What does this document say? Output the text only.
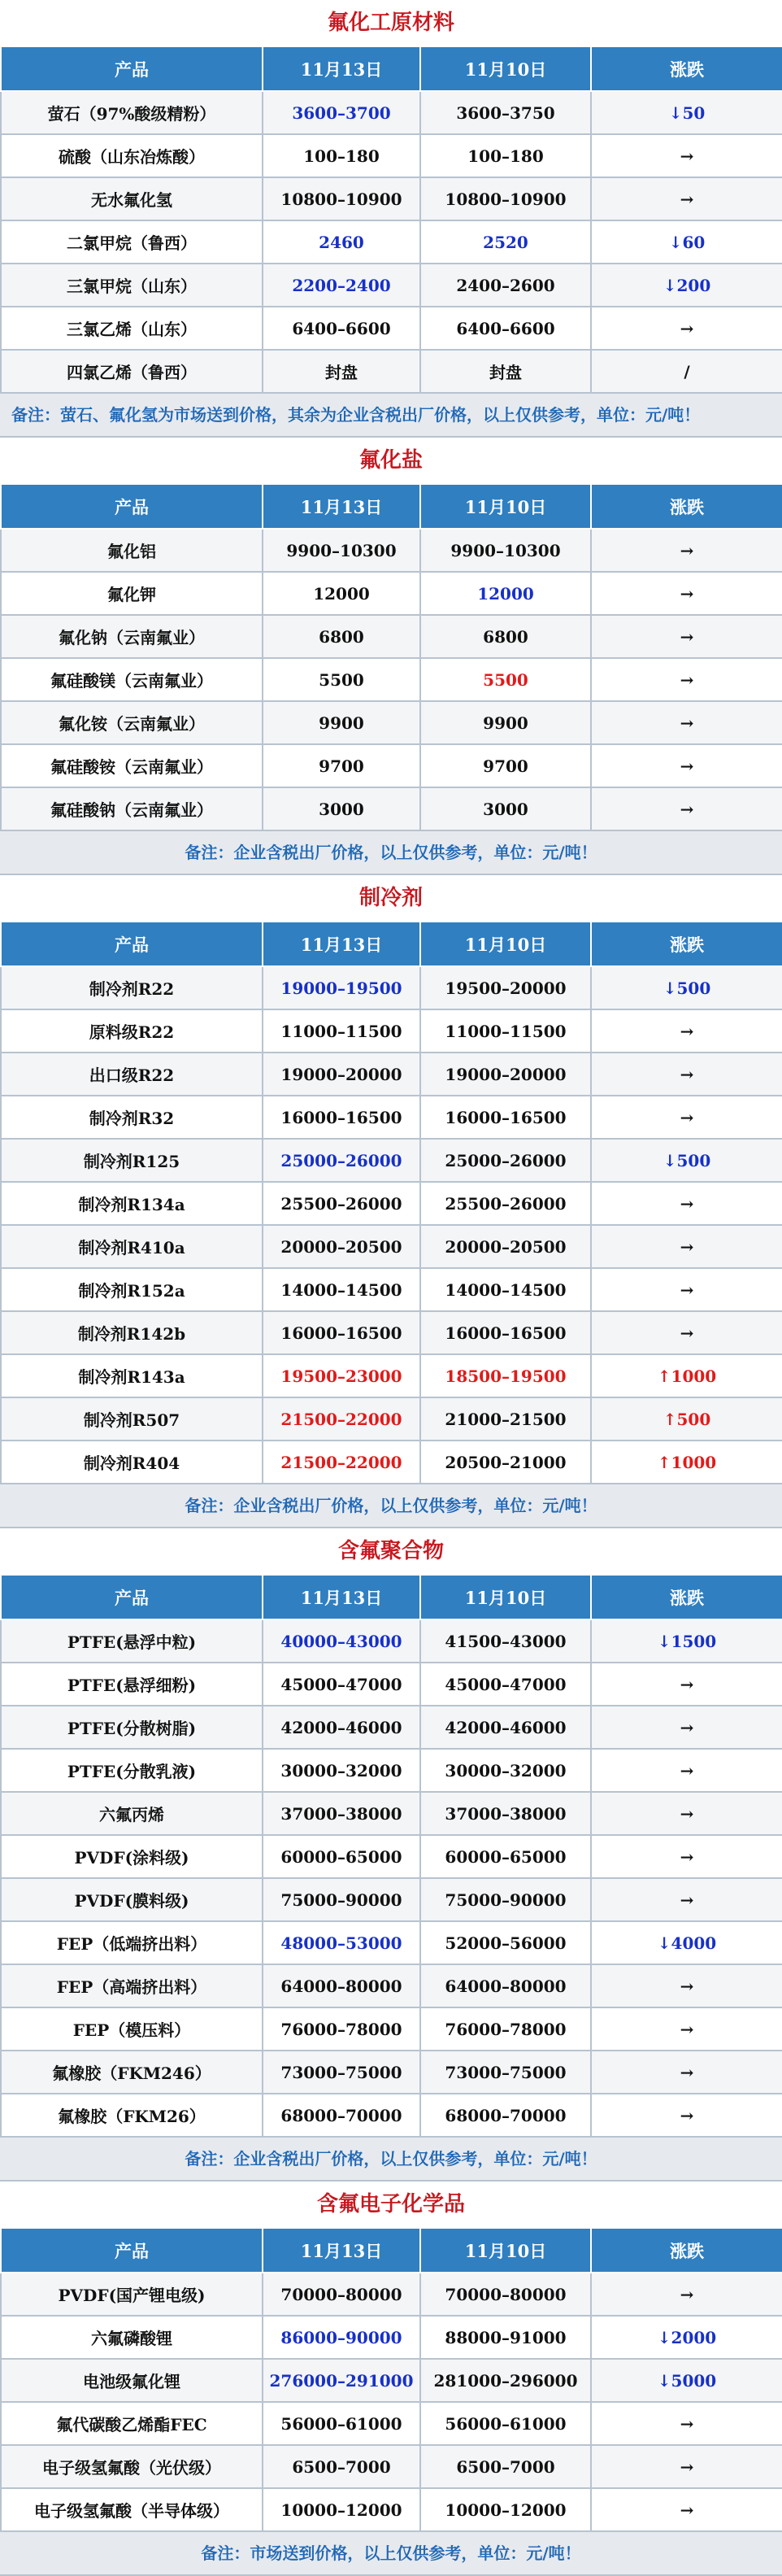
氟化工原材料
产品	11月13日	11月10日	涨跌
萤石（97%酸级精粉）	3600–3700	3600–3750	↓50
硫酸（山东冶炼酸）	100–180	100–180	→
无水氟化氢	10800–10900	10800–10900	→
二氯甲烷（鲁西）	2460	2520	↓60
三氯甲烷（山东）	2200–2400	2400–2600	↓200
三氯乙烯（山东）	6400–6600	6400–6600	→
四氯乙烯（鲁西）	封盘	封盘	/
备注：萤石、氟化氢为市场送到价格，其余为企业含税出厂价格，以上仅供参考，单位：元/吨！
氟化盐
产品	11月13日	11月10日	涨跌
氟化铝	9900–10300	9900–10300	→
氟化钾	12000	12000	→
氟化钠（云南氟业）	6800	6800	→
氟硅酸镁（云南氟业）	5500	5500	→
氟化铵（云南氟业）	9900	9900	→
氟硅酸铵（云南氟业）	9700	9700	→
氟硅酸钠（云南氟业）	3000	3000	→
备注：企业含税出厂价格，以上仅供参考，单位：元/吨！
制冷剂
产品	11月13日	11月10日	涨跌
制冷剂R22	19000–19500	19500–20000	↓500
原料级R22	11000–11500	11000–11500	→
出口级R22	19000–20000	19000–20000	→
制冷剂R32	16000–16500	16000–16500	→
制冷剂R125	25000–26000	25000–26000	↓500
制冷剂R134a	25500–26000	25500–26000	→
制冷剂R410a	20000–20500	20000–20500	→
制冷剂R152a	14000–14500	14000–14500	→
制冷剂R142b	16000–16500	16000–16500	→
制冷剂R143a	19500–23000	18500–19500	↑1000
制冷剂R507	21500–22000	21000–21500	↑500
制冷剂R404	21500–22000	20500–21000	↑1000
备注：企业含税出厂价格，以上仅供参考，单位：元/吨！
含氟聚合物
产品	11月13日	11月10日	涨跌
PTFE(悬浮中粒)	40000–43000	41500–43000	↓1500
PTFE(悬浮细粉)	45000–47000	45000–47000	→
PTFE(分散树脂)	42000–46000	42000–46000	→
PTFE(分散乳液)	30000–32000	30000–32000	→
六氟丙烯	37000–38000	37000–38000	→
PVDF(涂料级)	60000–65000	60000–65000	→
PVDF(膜料级)	75000–90000	75000–90000	→
FEP（低端挤出料）	48000–53000	52000–56000	↓4000
FEP（高端挤出料）	64000–80000	64000–80000	→
FEP（模压料）	76000–78000	76000–78000	→
氟橡胶（FKM246）	73000–75000	73000–75000	→
氟橡胶（FKM26）	68000–70000	68000–70000	→
备注：企业含税出厂价格，以上仅供参考，单位：元/吨！
含氟电子化学品
产品	11月13日	11月10日	涨跌
PVDF(国产锂电级)	70000–80000	70000–80000	→
六氟磷酸锂	86000–90000	88000–91000	↓2000
电池级氟化锂	276000–291000	281000–296000	↓5000
氟代碳酸乙烯酯FEC	56000–61000	56000–61000	→
电子级氢氟酸（光伏级）	6500–7000	6500–7000	→
电子级氢氟酸（半导体级）	10000–12000	10000–12000	→
备注：市场送到价格，以上仅供参考，单位：元/吨！
